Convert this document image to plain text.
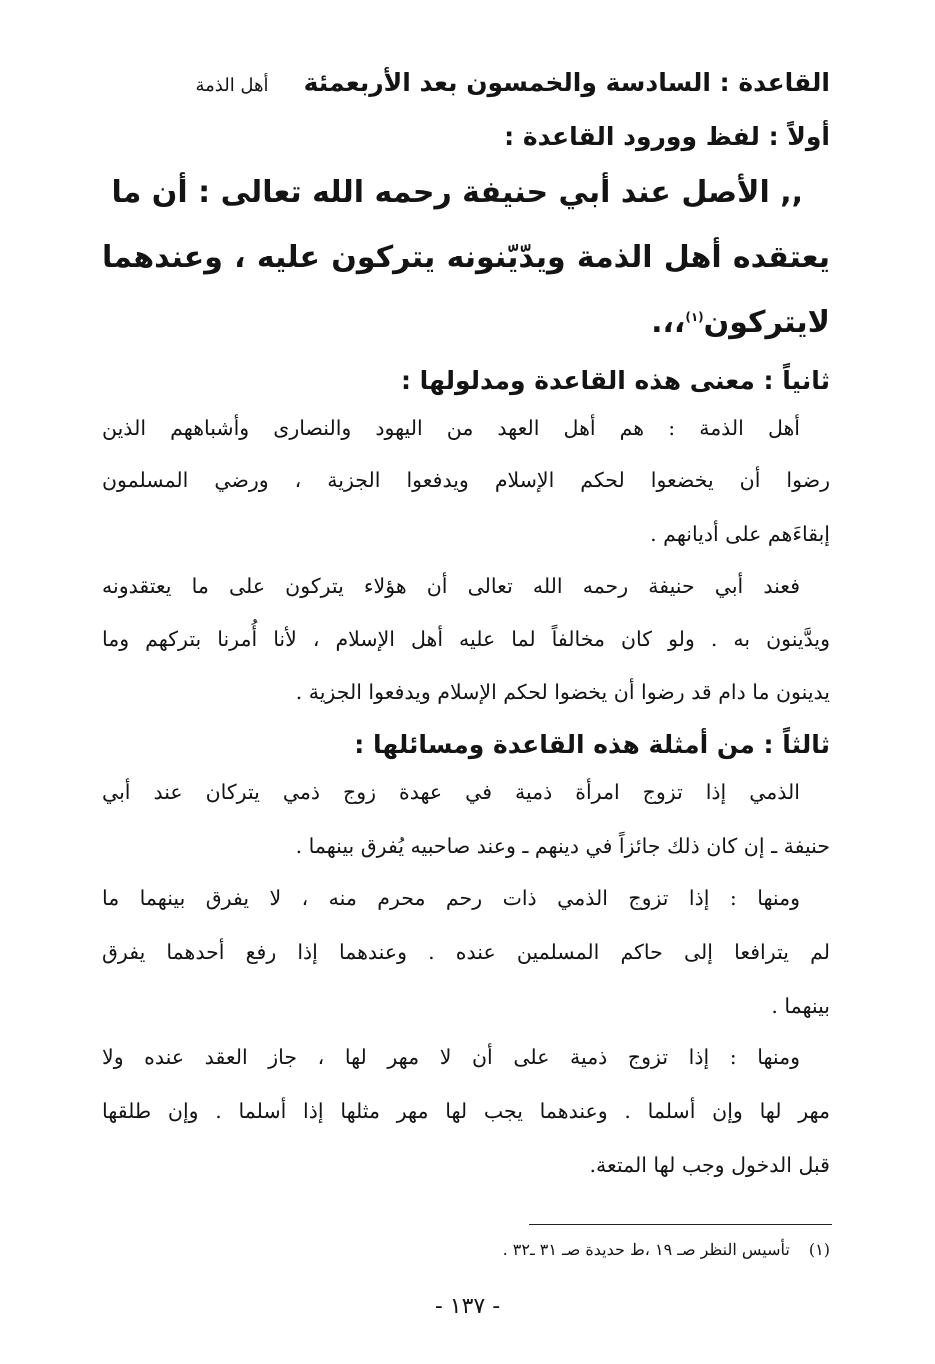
القاعدة : السادسة والخمسون بعد الأربعمئة أهل الذمة
أولاً : لفظ وورود القاعدة :
,, الأصل عند أبي حنيفة رحمه الله تعالى : أن ما
يعتقده أهل الذمة ويدّيّنونه يتركون عليه ، وعندهما
لايتركون$^{(١)}$،،.
ثانياً : معنى هذه القاعدة ومدلولها :
أهل الذمة : هم أهل العهد من اليهود والنصارى وأشباههم الذين
رضوا أن يخضعوا لحكم الإسلام ويدفعوا الجزية ، ورضي المسلمون
إبقاءَهم على أديانهم .
فعند أبي حنيفة رحمه الله تعالى أن هؤلاء يتركون على ما يعتقدونه
ويدَّينون به . ولو كان مخالفاً لما عليه أهل الإسلام ، لأنا أُمرنا بتركهم وما
يدينون ما دام قد رضوا أن يخضوا لحكم الإسلام ويدفعوا الجزية .
ثالثاً : من أمثلة هذه القاعدة ومسائلها :
الذمي إذا تزوج امرأة ذمية في عهدة زوج ذمي يتركان عند أبي
حنيفة ـ إن كان ذلك جائزاً في دينهم ـ وعند صاحبيه يُفرق بينهما .
ومنها : إذا تزوج الذمي ذات رحم محرم منه ، لا يفرق بينهما ما
لم يترافعا إلى حاكم المسلمين عنده . وعندهما إذا رفع أحدهما يفرق
بينهما .
ومنها : إذا تزوج ذمية على أن لا مهر لها ، جاز العقد عنده ولا
مهر لها وإن أسلما . وعندهما يجب لها مهر مثلها إذا أسلما . وإن طلقها
قبل الدخول وجب لها المتعة.
(١) تأسيس النظر صـ ١٩ ،ط حديدة صـ ٣١ ـ٣٢ .
- ١٣٧ -
